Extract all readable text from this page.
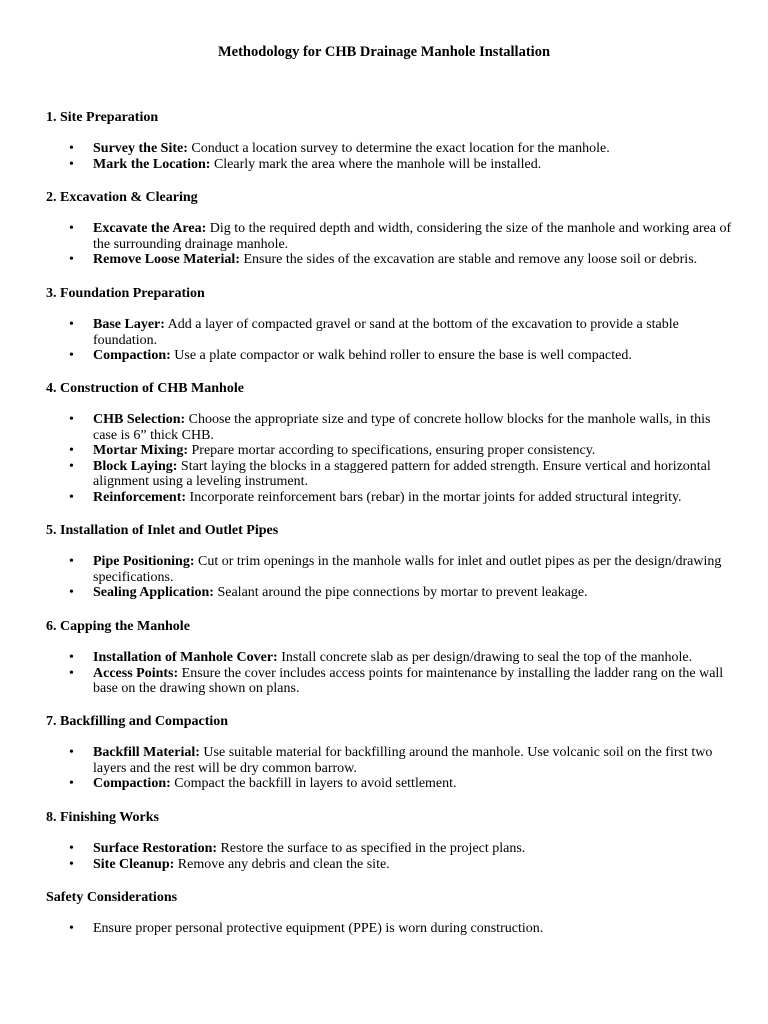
Methodology for CHB Drainage Manhole Installation
1. Site Preparation
• Survey the Site: Conduct a location survey to determine the exact location for the manhole.
• Mark the Location: Clearly mark the area where the manhole will be installed.
2. Excavation & Clearing
• Excavate the Area: Dig to the required depth and width, considering the size of the manhole and working area of the surrounding drainage manhole.
• Remove Loose Material: Ensure the sides of the excavation are stable and remove any loose soil or debris.
3. Foundation Preparation
• Base Layer: Add a layer of compacted gravel or sand at the bottom of the excavation to provide a stable foundation.
• Compaction: Use a plate compactor or walk behind roller to ensure the base is well compacted.
4. Construction of CHB Manhole
• CHB Selection: Choose the appropriate size and type of concrete hollow blocks for the manhole walls, in this case is 6” thick CHB.
• Mortar Mixing: Prepare mortar according to specifications, ensuring proper consistency.
• Block Laying: Start laying the blocks in a staggered pattern for added strength. Ensure vertical and horizontal alignment using a leveling instrument.
• Reinforcement: Incorporate reinforcement bars (rebar) in the mortar joints for added structural integrity.
5. Installation of Inlet and Outlet Pipes
• Pipe Positioning: Cut or trim openings in the manhole walls for inlet and outlet pipes as per the design/drawing specifications.
• Sealing Application: Sealant around the pipe connections by mortar to prevent leakage.
6. Capping the Manhole
• Installation of Manhole Cover: Install concrete slab as per design/drawing to seal the top of the manhole.
• Access Points: Ensure the cover includes access points for maintenance by installing the ladder rang on the wall base on the drawing shown on plans.
7. Backfilling and Compaction
• Backfill Material: Use suitable material for backfilling around the manhole. Use volcanic soil on the first two layers and the rest will be dry common barrow.
• Compaction: Compact the backfill in layers to avoid settlement.
8. Finishing Works
• Surface Restoration: Restore the surface to as specified in the project plans.
• Site Cleanup: Remove any debris and clean the site.
Safety Considerations
• Ensure proper personal protective equipment (PPE) is worn during construction.
